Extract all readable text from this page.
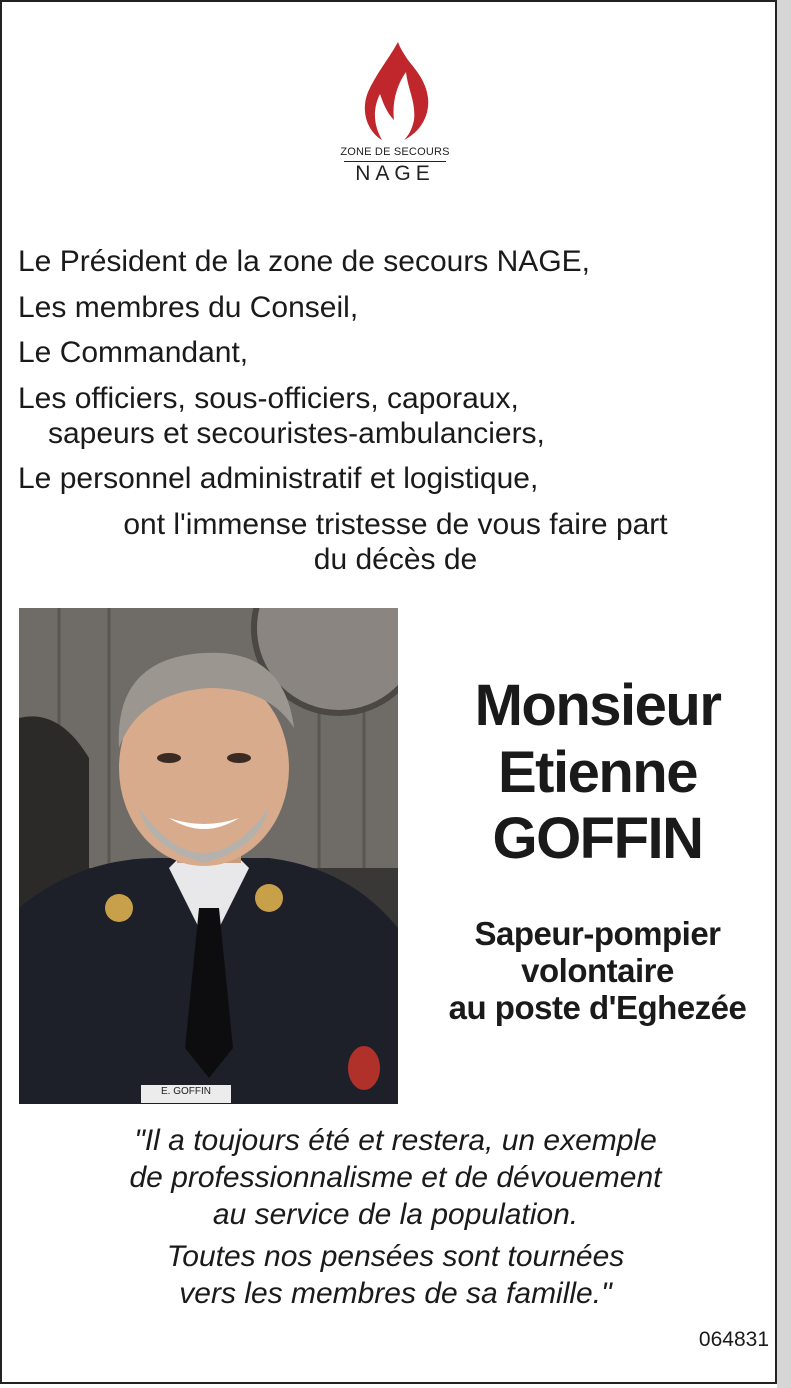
ZONE DE SECOURS
NAGE
Le Président de la zone de secours NAGE,
Les membres du Conseil,
Le Commandant,
Les officiers, sous-officiers, caporaux,
sapeurs et secouristes-ambulanciers,
Le personnel administratif et logistique,
ont l'immense tristesse de vous faire part
du décès de
E. GOFFIN
Monsieur
Etienne
GOFFIN
Sapeur-pompier
volontaire
au poste d'Eghezée
"Il a toujours été et restera, un exemple
de professionnalisme et de dévouement
au service de la population.
Toutes nos pensées sont tournées
vers les membres de sa famille."
064831
